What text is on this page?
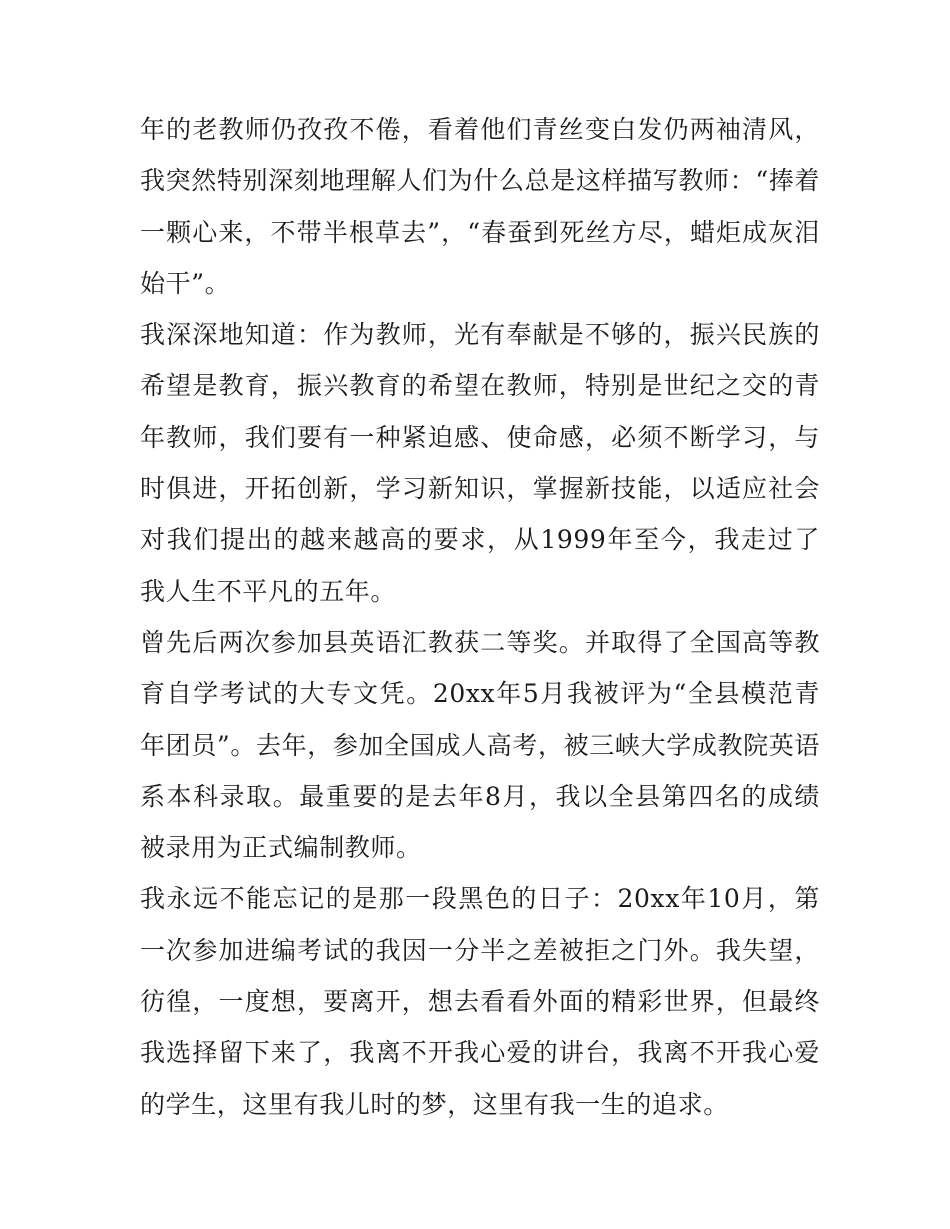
年的老教师仍孜孜不倦，看着他们青丝变白发仍两袖清风，我突然特别深刻地理解人们为什么总是这样描写教师：“捧着一颗心来，不带半根草去”，“春蚕到死丝方尽，蜡炬成灰泪始干”。

我深深地知道：作为教师，光有奉献是不够的，振兴民族的希望是教育，振兴教育的希望在教师，特别是世纪之交的青年教师，我们要有一种紧迫感、使命感，必须不断学习，与时俱进，开拓创新，学习新知识，掌握新技能，以适应社会对我们提出的越来越高的要求，从1999年至今，我走过了我人生不平凡的五年。

曾先后两次参加县英语汇教获二等奖。并取得了全国高等教育自学考试的大专文凭。20xx年5月我被评为“全县模范青年团员”。去年，参加全国成人高考，被三峡大学成教院英语系本科录取。最重要的是去年8月，我以全县第四名的成绩被录用为正式编制教师。

我永远不能忘记的是那一段黑色的日子：20xx年10月，第一次参加进编考试的我因一分半之差被拒之门外。我失望，彷徨，一度想，要离开，想去看看外面的精彩世界，但最终我选择留下来了，我离不开我心爱的讲台，我离不开我心爱的学生，这里有我儿时的梦，这里有我一生的追求。
